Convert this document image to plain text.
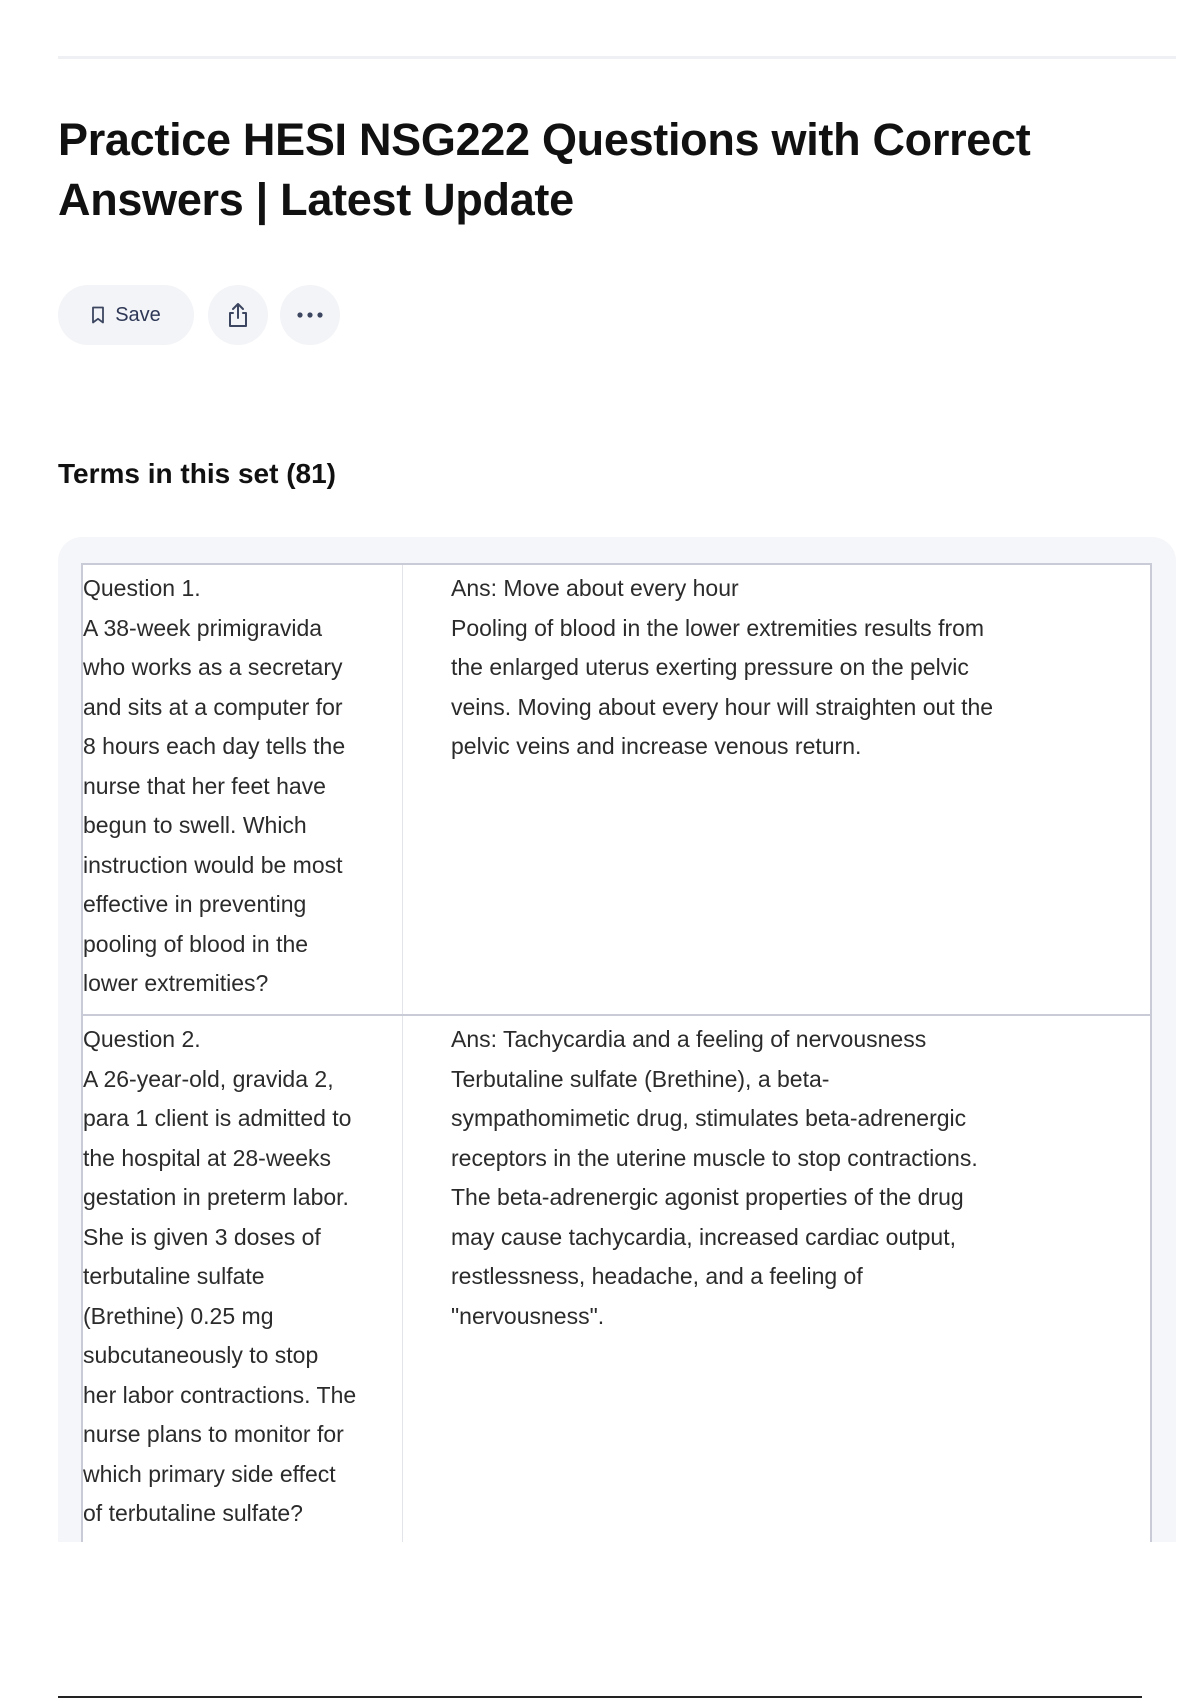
Practice HESI NSG222 Questions with Correct Answers | Latest Update
Save
Terms in this set (81)

Question 1.
A 38-week primigravida
who works as a secretary
and sits at a computer for
8 hours each day tells the
nurse that her feet have
begun to swell. Which
instruction would be most
effective in preventing
pooling of blood in the
lower extremities?

Ans: Move about every hour
Pooling of blood in the lower extremities results from
the enlarged uterus exerting pressure on the pelvic
veins. Moving about every hour will straighten out the
pelvic veins and increase venous return.

Question 2.
A 26-year-old, gravida 2,
para 1 client is admitted to
the hospital at 28-weeks
gestation in preterm labor.
She is given 3 doses of
terbutaline sulfate
(Brethine) 0.25 mg
subcutaneously to stop
her labor contractions. The
nurse plans to monitor for
which primary side effect
of terbutaline sulfate?

Ans: Tachycardia and a feeling of nervousness
Terbutaline sulfate (Brethine), a beta-
sympathomimetic drug, stimulates beta-adrenergic
receptors in the uterine muscle to stop contractions.
The beta-adrenergic agonist properties of the drug
may cause tachycardia, increased cardiac output,
restlessness, headache, and a feeling of
"nervousness".
